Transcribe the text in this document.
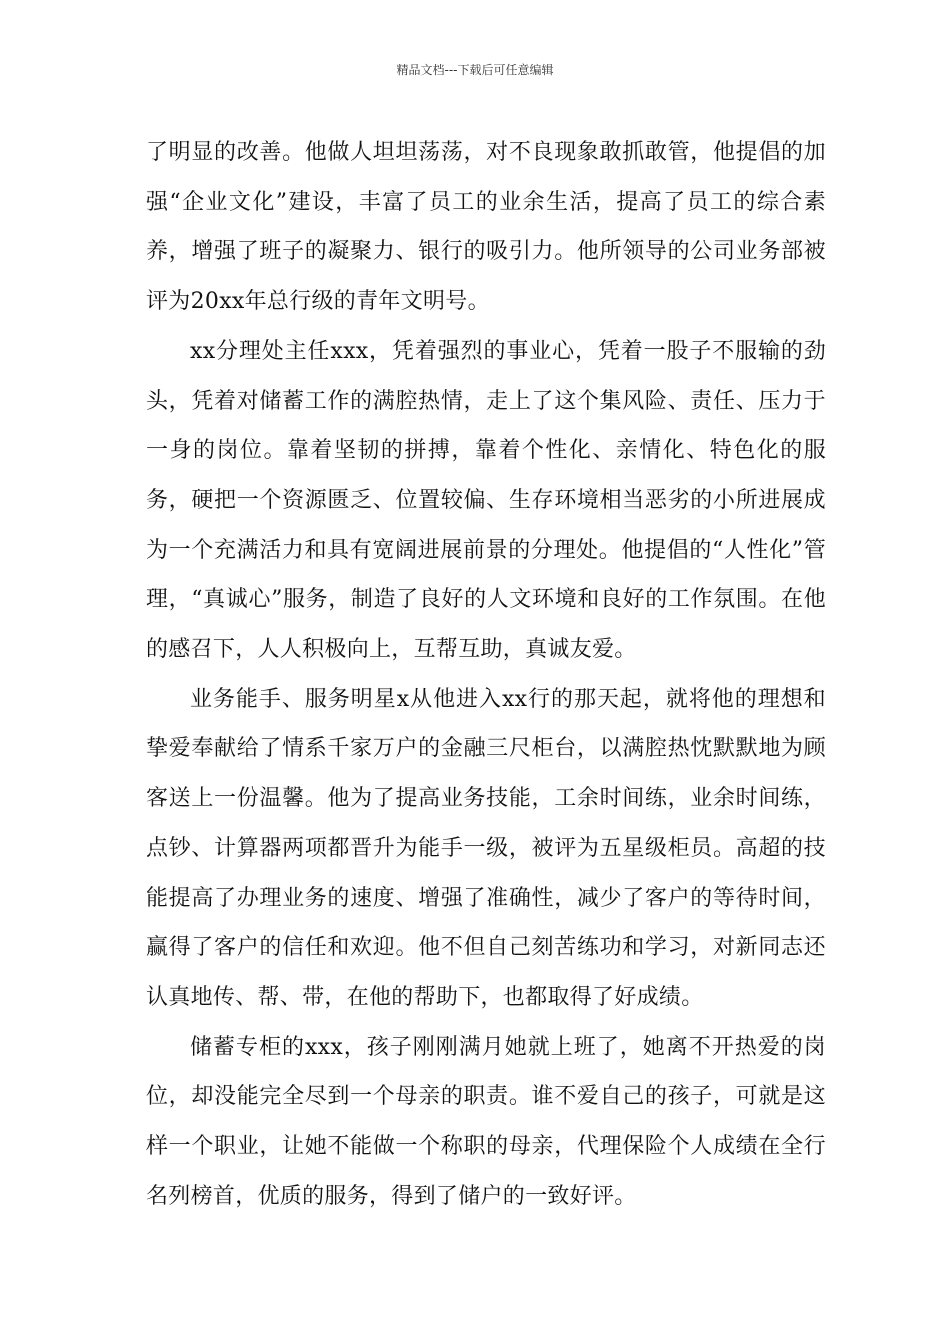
精品文档---下载后可任意编辑

了明显的改善。他做人坦坦荡荡，对不良现象敢抓敢管，他提倡的加强“企业文化”建设，丰富了员工的业余生活，提高了员工的综合素养，增强了班子的凝聚力、银行的吸引力。他所领导的公司业务部被评为20xx年总行级的青年文明号。

xx分理处主任xxx，凭着强烈的事业心，凭着一股子不服输的劲头，凭着对储蓄工作的满腔热情，走上了这个集风险、责任、压力于一身的岗位。靠着坚韧的拼搏，靠着个性化、亲情化、特色化的服务，硬把一个资源匮乏、位置较偏、生存环境相当恶劣的小所进展成为一个充满活力和具有宽阔进展前景的分理处。他提倡的“人性化”管理，“真诚心”服务，制造了良好的人文环境和良好的工作氛围。在他的感召下，人人积极向上，互帮互助，真诚友爱。

业务能手、服务明星x从他进入xx行的那天起，就将他的理想和挚爱奉献给了情系千家万户的金融三尺柜台，以满腔热忱默默地为顾客送上一份温馨。他为了提高业务技能，工余时间练，业余时间练，点钞、计算器两项都晋升为能手一级，被评为五星级柜员。高超的技能提高了办理业务的速度、增强了准确性，减少了客户的等待时间，赢得了客户的信任和欢迎。他不但自己刻苦练功和学习，对新同志还认真地传、帮、带，在他的帮助下，也都取得了好成绩。

储蓄专柜的xxx，孩子刚刚满月她就上班了，她离不开热爱的岗位，却没能完全尽到一个母亲的职责。谁不爱自己的孩子，可就是这样一个职业，让她不能做一个称职的母亲，代理保险个人成绩在全行名列榜首，优质的服务，得到了储户的一致好评。
